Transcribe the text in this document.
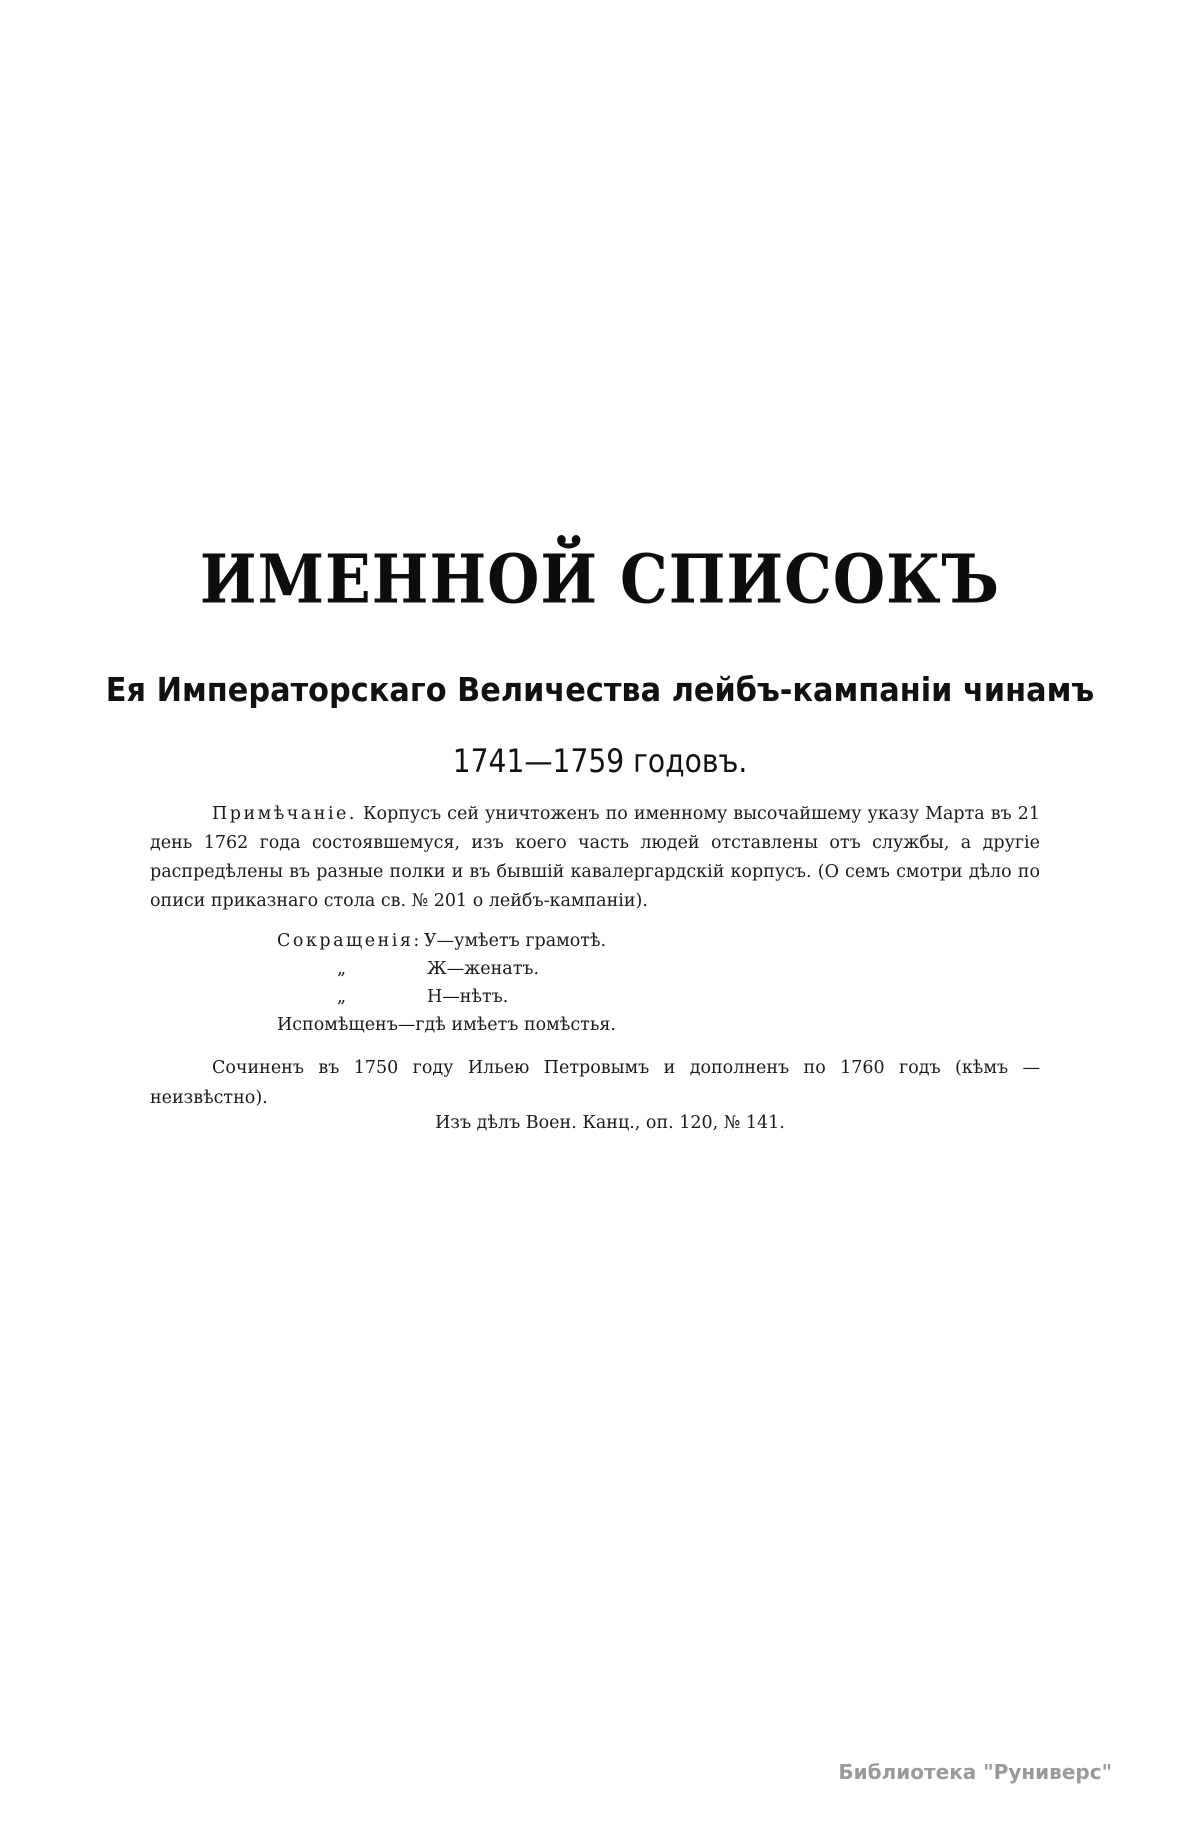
ИМЕННОЙ СПИСОКЪ
Ея Императорскаго Величества лейбъ-кампаніи чинамъ
1741—1759 годовъ.
Примѣчаніе. Корпусъ сей уничтоженъ по именному высочайшему указу Марта въ 21 день 1762 года состоявшемуся, изъ коего часть людей отставлены отъ службы, а другіе распредѣлены въ разные полки и въ бывшій кавалергардскій корпусъ. (О семъ смотри дѣло по описи приказнаго стола св. № 201 о лейбъ-кампаніи).
Сокращенія: У—умѣетъ грамотѣ.
„	Ж—женатъ.
„	Н—нѣтъ.
Испомѣщенъ—гдѣ имѣетъ помѣстья.
Сочиненъ въ 1750 году Ильею Петровымъ и дополненъ по 1760 годъ (кѣмъ — неизвѣстно).
Изъ дѣлъ Воен. Канц., оп. 120, № 141.
Библиотека "Руниверс"
